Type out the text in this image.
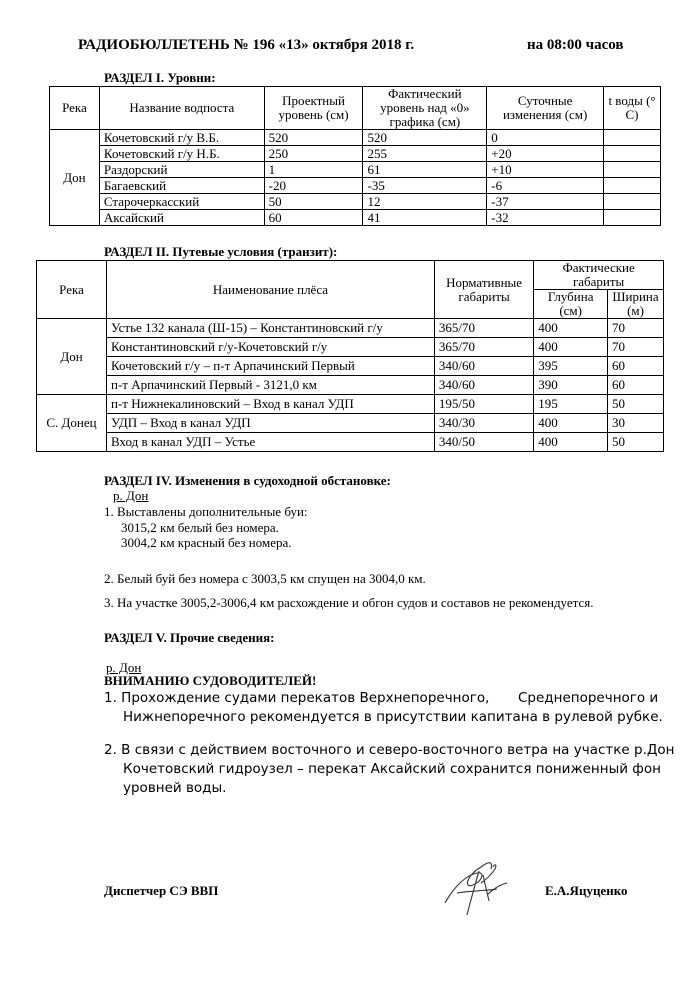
РАДИОБЮЛЛЕТЕНЬ № 196 «13» октября 2018 г.	на 08:00 часов
РАЗДЕЛ I. Уровни:
Река	Название водпоста	Проектный уровень (см)	Фактический уровень над «0» графика (см)	Суточные изменения (см)	t воды (° С)
Дон	Кочетовский г/у В.Б.	520	520	0	
	Кочетовский г/у Н.Б.	250	255	+20	
	Раздорский	1	61	+10	
	Багаевский	-20	-35	-6	
	Старочеркасский	50	12	-37	
	Аксайский	60	41	-32	
РАЗДЕЛ II. Путевые условия (транзит):
Река	Наименование плёса	Нормативные габариты	Фактические габариты	
			Глубина (см)	Ширина (м)
Дон	Устье 132 канала (Ш-15) – Константиновский г/у	365/70	400	70
	Константиновский г/у-Кочетовский г/у	365/70	400	70
	Кочетовский г/у – п-т Арпачинский Первый	340/60	395	60
	п-т Арпачинский Первый - 3121,0 км	340/60	390	60
С. Донец	п-т Нижнекалиновский – Вход в канал УДП	195/50	195	50
	УДП – Вход в канал УДП	340/30	400	30
	Вход в канал УДП – Устье	340/50	400	50
РАЗДЕЛ IV. Изменения в судоходной обстановке:
р. Дон
1. Выставлены дополнительные буи:
3015,2 км белый без номера.
3004,2 км красный без номера.
2. Белый буй без номера с 3003,5 км спущен на 3004,0 км.
3. На участке 3005,2-3006,4 км расхождение и обгон судов и составов не рекомендуется.
РАЗДЕЛ V. Прочие сведения:
р. Дон
ВНИМАНИЮ СУДОВОДИТЕЛЕЙ!
1. Прохождение судами перекатов Верхнепоречного, Среднепоречного и
Нижнепоречного рекомендуется в присутствии капитана в рулевой рубке.
2. В связи с действием восточного и северо-восточного ветра на участке р.Дон
Кочетовский гидроузел – перекат Аксайский сохранится пониженный фон
уровней воды.
Диспетчер СЭ ВВП	Е.А.Яцуценко
